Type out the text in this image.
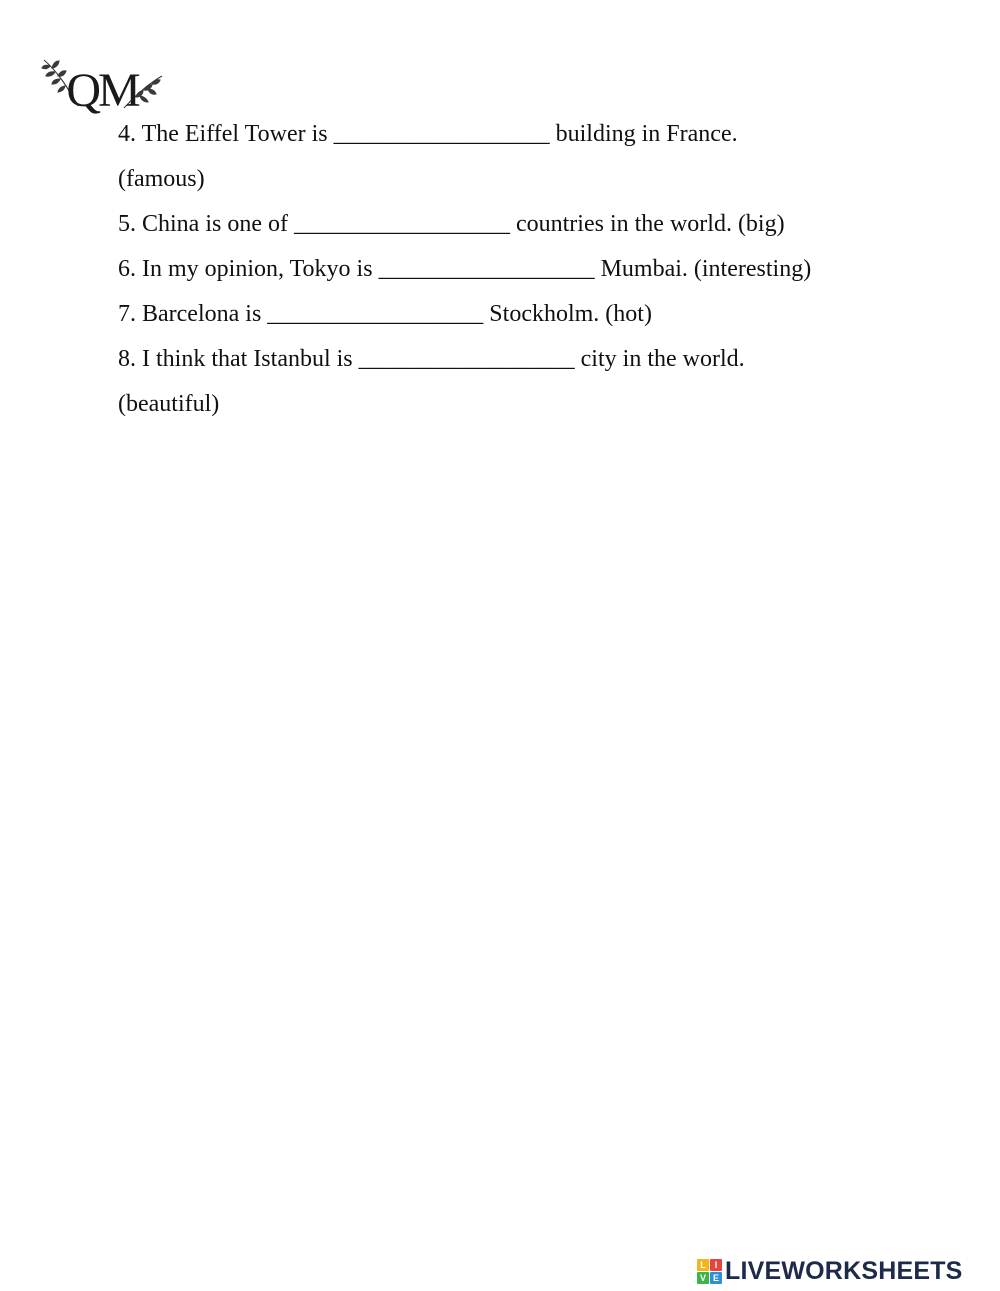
QM
4. The Eiffel Tower is __________________ building in France.
(famous)
5. China is one of __________________ countries in the world. (big)
6. In my opinion, Tokyo is __________________ Mumbai. (interesting)
7. Barcelona is __________________ Stockholm. (hot)
8. I think that Istanbul is __________________ city in the world.
(beautiful)
L I
V E LIVEWORKSHEETS
